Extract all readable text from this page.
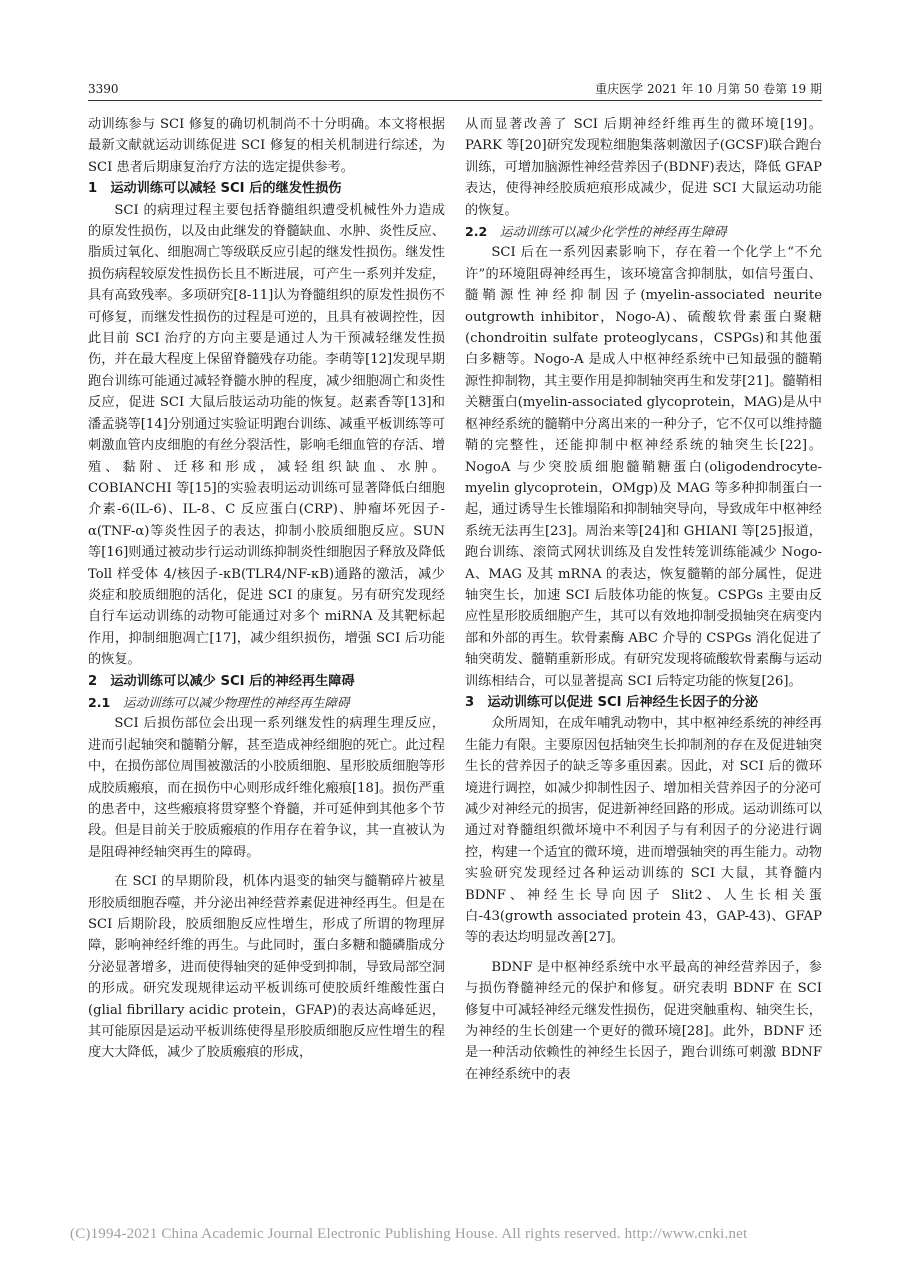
3390	重庆医学 2021 年 10 月第 50 卷第 19 期

动训练参与 SCI 修复的确切机制尚不十分明确。本文将根据最新文献就运动训练促进 SCI 修复的相关机制进行综述，为 SCI 患者后期康复治疗方法的选定提供参考。

1　运动训练可以减轻 SCI 后的继发性损伤

SCI 的病理过程主要包括脊髓组织遭受机械性外力造成的原发性损伤，以及由此继发的脊髓缺血、水肿、炎性反应、脂质过氧化、细胞凋亡等级联反应引起的继发性损伤。继发性损伤病程较原发性损伤长且不断进展，可产生一系列并发症，具有高致残率。多项研究[8-11]认为脊髓组织的原发性损伤不可修复，而继发性损伤的过程是可逆的，且具有被调控性，因此目前 SCI 治疗的方向主要是通过人为干预减轻继发性损伤，并在最大程度上保留脊髓残存功能。李萌等[12]发现早期跑台训练可能通过减轻脊髓水肿的程度，减少细胞凋亡和炎性反应，促进 SCI 大鼠后肢运动功能的恢复。赵素香等[13]和潘孟骁等[14]分别通过实验证明跑台训练、减重平板训练等可刺激血管内皮细胞的有丝分裂活性，影响毛细血管的存活、增殖、黏附、迁移和形成，减轻组织缺血、水肿。COBIANCHI 等[15]的实验表明运动训练可显著降低白细胞介素-6(IL-6)、IL-8、C 反应蛋白(CRP)、肿瘤坏死因子-α(TNF-α)等炎性因子的表达，抑制小胶质细胞反应。SUN 等[16]则通过被动步行运动训练抑制炎性细胞因子释放及降低 Toll 样受体 4/核因子-κB(TLR4/NF-κB)通路的激活，减少炎症和胶质细胞的活化，促进 SCI 的康复。另有研究发现经自行车运动训练的动物可能通过对多个 miRNA 及其靶标起作用，抑制细胞凋亡[17]，减少组织损伤，增强 SCI 后功能的恢复。

2　运动训练可以减少 SCI 后的神经再生障碍
2.1　 运动训练可以减少物理性的神经再生障碍

SCI 后损伤部位会出现一系列继发性的病理生理反应，进而引起轴突和髓鞘分解，甚至造成神经细胞的死亡。此过程中，在损伤部位周围被激活的小胶质细胞、星形胶质细胞等形成胶质瘢痕，而在损伤中心则形成纤维化瘢痕[18]。损伤严重的患者中，这些瘢痕将贯穿整个脊髓，并可延伸到其他多个节段。但是目前关于胶质瘢痕的作用存在着争议，其一直被认为是阻碍神经轴突再生的障碍。

在 SCI 的早期阶段，机体内退变的轴突与髓鞘碎片被星形胶质细胞吞噬，并分泌出神经营养素促进神经再生。但是在 SCI 后期阶段，胶质细胞反应性增生，形成了所谓的物理屏障，影响神经纤维的再生。与此同时，蛋白多糖和髓磷脂成分分泌显著增多，进而使得轴突的延伸受到抑制，导致局部空洞的形成。研究发现规律运动平板训练可使胶质纤维酸性蛋白(glial fibrillary acidic protein，GFAP)的表达高峰延迟，其可能原因是运动平板训练使得星形胶质细胞反应性增生的程度大大降低，减少了胶质瘢痕的形成，

从而显著改善了 SCI 后期神经纤维再生的微环境[19]。PARK 等[20]研究发现粒细胞集落刺激因子(GCSF)联合跑台训练，可增加脑源性神经营养因子(BDNF)表达，降低 GFAP 表达，使得神经胶质疤痕形成减少，促进 SCI 大鼠运动功能的恢复。

2.2　 运动训练可以减少化学性的神经再生障碍

SCI 后在一系列因素影响下，存在着一个化学上“不允许”的环境阻碍神经再生，该环境富含抑制肽，如信号蛋白、髓鞘源性神经抑制因子(myelin-associated neurite outgrowth inhibitor，Nogo-A)、硫酸软骨素蛋白聚糖(chondroitin sulfate proteoglycans，CSPGs)和其他蛋白多糖等。Nogo-A 是成人中枢神经系统中已知最强的髓鞘源性抑制物，其主要作用是抑制轴突再生和发芽[21]。髓鞘相关糖蛋白(myelin-associated glycoprotein，MAG)是从中枢神经系统的髓鞘中分离出来的一种分子，它不仅可以维持髓鞘的完整性，还能抑制中枢神经系统的轴突生长[22]。NogoA 与少突胶质细胞髓鞘糖蛋白(oligodendrocyte-myelin glycoprotein，OMgp)及 MAG 等多种抑制蛋白一起，通过诱导生长锥塌陷和抑制轴突导向，导致成年中枢神经系统无法再生[23]。周治来等[24]和 GHIANI 等[25]报道，跑台训练、滚筒式网状训练及自发性转笼训练能减少 Nogo-A、MAG 及其 mRNA 的表达，恢复髓鞘的部分属性，促进轴突生长，加速 SCI 后肢体功能的恢复。CSPGs 主要由反应性星形胶质细胞产生，其可以有效地抑制受损轴突在病变内部和外部的再生。软骨素酶 ABC 介导的 CSPGs 消化促进了轴突萌发、髓鞘重新形成。有研究发现将硫酸软骨素酶与运动训练相结合，可以显著提高 SCI 后特定功能的恢复[26]。

3　运动训练可以促进 SCI 后神经生长因子的分泌

众所周知，在成年哺乳动物中，其中枢神经系统的神经再生能力有限。主要原因包括轴突生长抑制剂的存在及促进轴突生长的营养因子的缺乏等多重因素。因此，对 SCI 后的微环境进行调控，如减少抑制性因子、增加相关营养因子的分泌可减少对神经元的损害，促进新神经回路的形成。运动训练可以通过对脊髓组织微坏境中不利因子与有利因子的分泌进行调控，构建一个适宜的微环境，进而增强轴突的再生能力。动物实验研究发现经过各种运动训练的 SCI 大鼠，其脊髓内 BDNF、神经生长导向因子 Slit2、人生长相关蛋白-43(growth associated protein 43，GAP-43)、GFAP 等的表达均明显改善[27]。

BDNF 是中枢神经系统中水平最高的神经营养因子，参与损伤脊髓神经元的保护和修复。研究表明 BDNF 在 SCI 修复中可减轻神经元继发性损伤，促进突触重构、轴突生长，为神经的生长创建一个更好的微环境[28]。此外，BDNF 还是一种活动依赖性的神经生长因子，跑台训练可刺激 BDNF 在神经系统中的表

(C)1994-2021 China Academic Journal Electronic Publishing House. All rights reserved. http://www.cnki.net
